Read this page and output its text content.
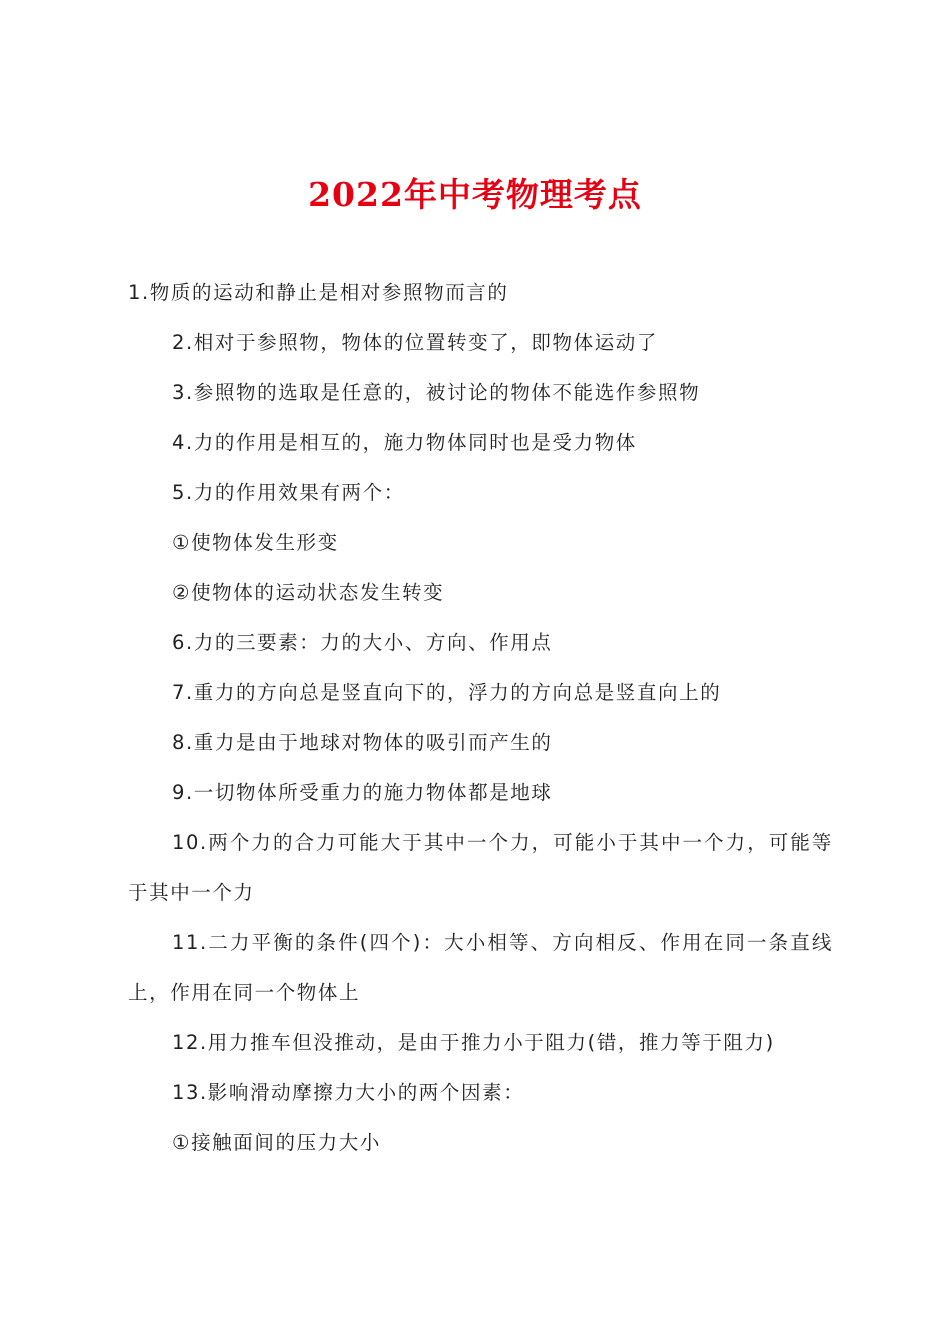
2022年中考物理考点

1.物质的运动和静止是相对参照物而言的

2.相对于参照物，物体的位置转变了，即物体运动了

3.参照物的选取是任意的，被讨论的物体不能选作参照物

4.力的作用是相互的，施力物体同时也是受力物体

5.力的作用效果有两个：

①使物体发生形变

②使物体的运动状态发生转变

6.力的三要素：力的大小、方向、作用点

7.重力的方向总是竖直向下的，浮力的方向总是竖直向上的

8.重力是由于地球对物体的吸引而产生的

9.一切物体所受重力的施力物体都是地球

10.两个力的合力可能大于其中一个力，可能小于其中一个力，可能等于其中一个力

11.二力平衡的条件(四个)：大小相等、方向相反、作用在同一条直线上，作用在同一个物体上

12.用力推车但没推动，是由于推力小于阻力(错，推力等于阻力)

13.影响滑动摩擦力大小的两个因素：

①接触面间的压力大小
